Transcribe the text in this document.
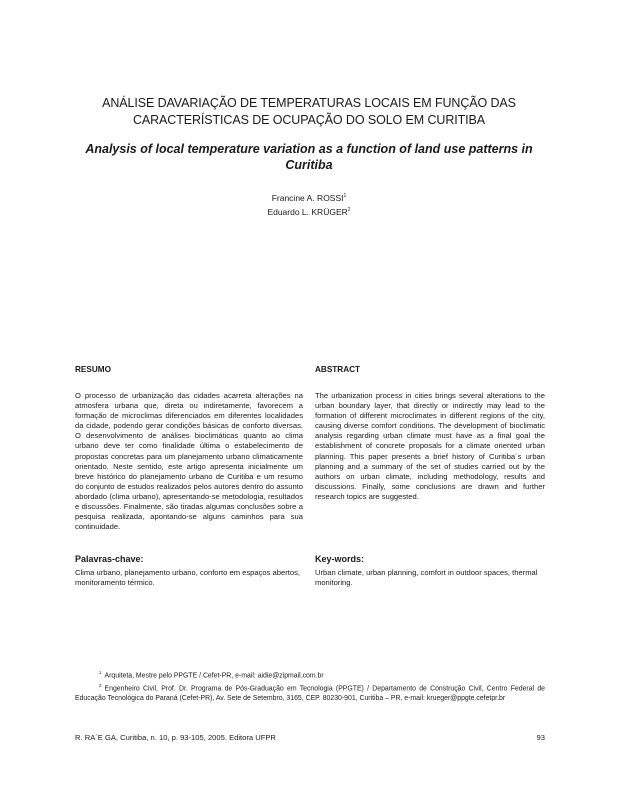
ANÁLISE DAVARIAÇÃO DE TEMPERATURAS LOCAIS EM FUNÇÃO DAS
CARACTERÍSTICAS DE OCUPAÇÃO DO SOLO EM CURITIBA
Analysis of local temperature variation as a function of land use patterns in
Curitiba
Francine A. ROSSI$^1$
Eduardo L. KRÜGER$^2$
RESUMO

O processo de urbanização das cidades acarreta alterações na atmosfera urbana que, direta ou indiretamente, favorecem a formação de microclimas diferenciados em diferentes localidades da cidade, podendo gerar condições básicas de conforto diversas. O desenvolvimento de análises bioclimáticas quanto ao clima urbano deve ter como finalidade última o estabelecimento de propostas concretas para um planejamento urbano climaticamente orientado. Neste sentido, este artigo apresenta inicialmente um breve histórico do planejamento urbano de Curitiba e um resumo do conjunto de estudos realizados pelos autores dentro do assunto abordado (clima urbano), apresentando-se metodologia, resultados e discussões. Finalmente, são tiradas algumas conclusões sobre a pesquisa realizada, apontando-se alguns caminhos para sua continuidade.

Palavras-chave:

Clima urbano, planejamento urbano, conforto em espaços abertos, monitoramento térmico.

ABSTRACT

The urbanization process in cities brings several alterations to the urban boundary layer, that directly or indirectly may lead to the formation of different microclimates in different regions of the city, causing diverse comfort conditions. The development of bioclimatic analysis regarding urban climate must have as a final goal the establishment of concrete proposals for a climate oriented urban planning. This paper presents a brief history of Curitiba´s urban planning and a summary of the set of studies carried out by the authors on urban climate, including methodology, results and discussions. Finally, some conclusions are drawn and further research topics are suggested.

Key-words:

Urban climate, urban planning, comfort in outdoor spaces, thermal monitoring.

$^1$ Arquiteta, Mestre pelo PPGTE / Cefet-PR, e-mail: aidie@zipmail.com.br

$^2$ Engenheiro Civil, Prof. Dr. Programa de Pós-Graduação em Tecnologia (PPGTE) / Departamento de Construção Civil, Centro Federal de Educação Tecnológica do Paraná (Cefet-PR), Av. Sete de Setembro, 3165, CEP. 80230-901, Curitiba – PR, e-mail: krueger@ppgte.cefetpr.br

R. RA´E GA, Curitiba, n. 10, p. 93-105, 2005. Editora UFPR	93
